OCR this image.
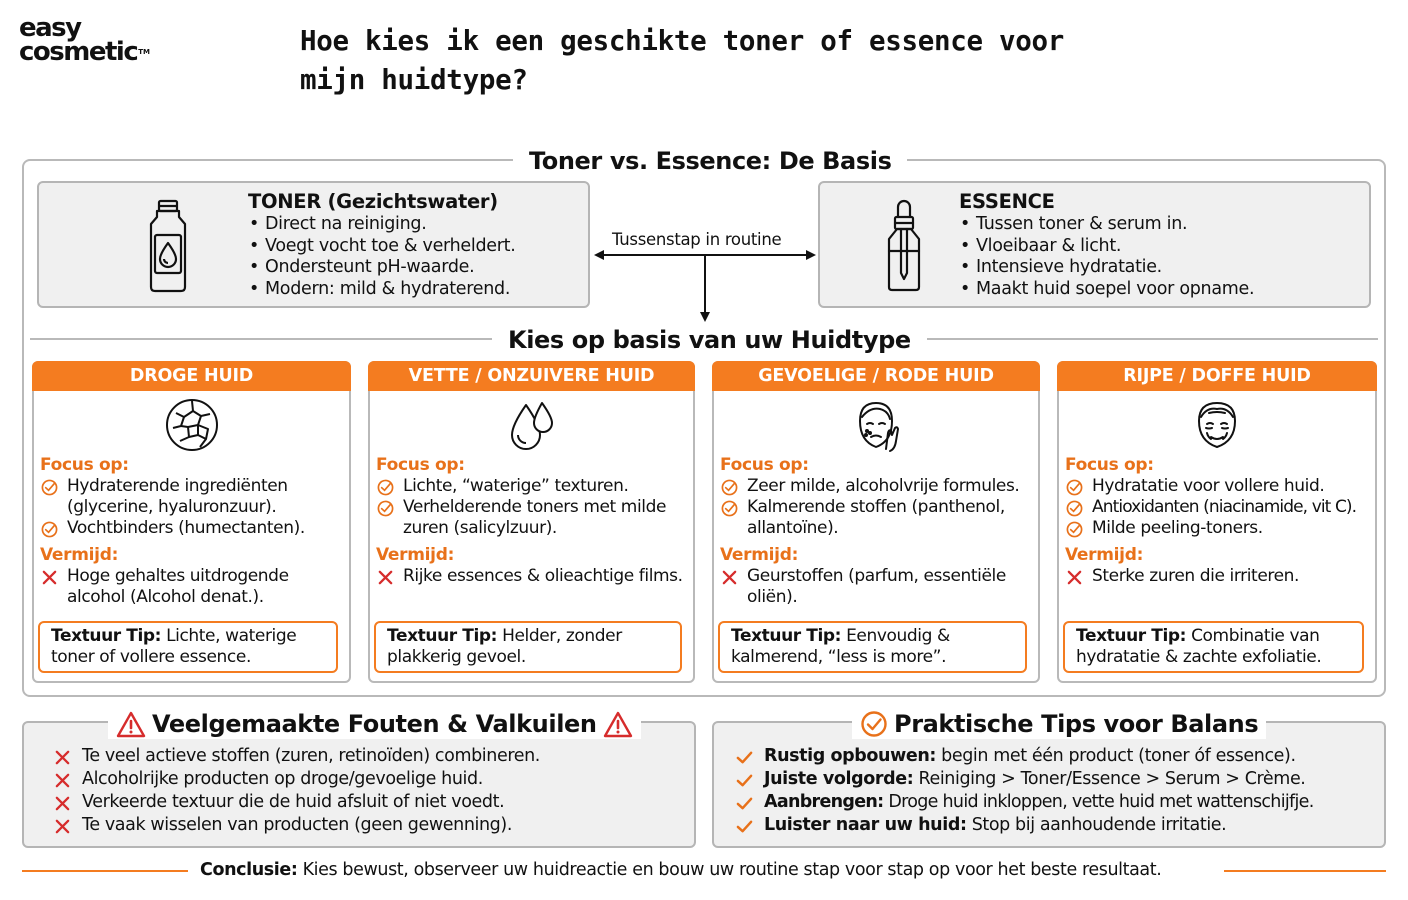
easy
cosmetic™	Hoe kies ik een geschikte toner of essence voor mijn huidtype?
Toner vs. Essence: De Basis
TONER (Gezichtswater)
• Direct na reiniging.
• Voegt vocht toe & verheldert.
• Ondersteunt pH-waarde.
• Modern: mild & hydraterend.
Tussenstap in routine
ESSENCE
• Tussen toner & serum in.
• Vloeibaar & licht.
• Intensieve hydratatie.
• Maakt huid soepel voor opname.
Kies op basis van uw Huidtype
DROGE HUID
Focus op:
Hydraterende ingrediënten (glycerine, hyaluronzuur).
Vochtbinders (humectanten).
Vermijd:
Hoge gehaltes uitdrogende alcohol (Alcohol denat.).
Textuur Tip: Lichte, waterige toner of vollere essence.
VETTE / ONZUIVERE HUID
Focus op:
Lichte, “waterige” texturen.
Verhelderende toners met milde zuren (salicylzuur).
Vermijd:
Rijke essences & olieachtige films.
Textuur Tip: Helder, zonder plakkerig gevoel.
GEVOELIGE / RODE HUID
Focus op:
Zeer milde, alcoholvrije formules.
Kalmerende stoffen (panthenol, allantoïne).
Vermijd:
Geurstoffen (parfum, essentiële oliën).
Textuur Tip: Eenvoudig & kalmerend, “less is more”.
RIJPE / DOFFE HUID
Focus op:
Hydratatie voor vollere huid.
Antioxidanten (niacinamide, vit C).
Milde peeling-toners.
Vermijd:
Sterke zuren die irriteren.
Textuur Tip: Combinatie van hydratatie & zachte exfoliatie.
Veelgemaakte Fouten & Valkuilen
Te veel actieve stoffen (zuren, retinoïden) combineren.
Alcoholrijke producten op droge/gevoelige huid.
Verkeerde textuur die de huid afsluit of niet voedt.
Te vaak wisselen van producten (geen gewenning).
Praktische Tips voor Balans
Rustig opbouwen: begin met één product (toner óf essence).
Juiste volgorde: Reiniging > Toner/Essence > Serum > Crème.
Aanbrengen: Droge huid inkloppen, vette huid met wattenschijfje.
Luister naar uw huid: Stop bij aanhoudende irritatie.
Conclusie: Kies bewust, observeer uw huidreactie en bouw uw routine stap voor stap op voor het beste resultaat.
